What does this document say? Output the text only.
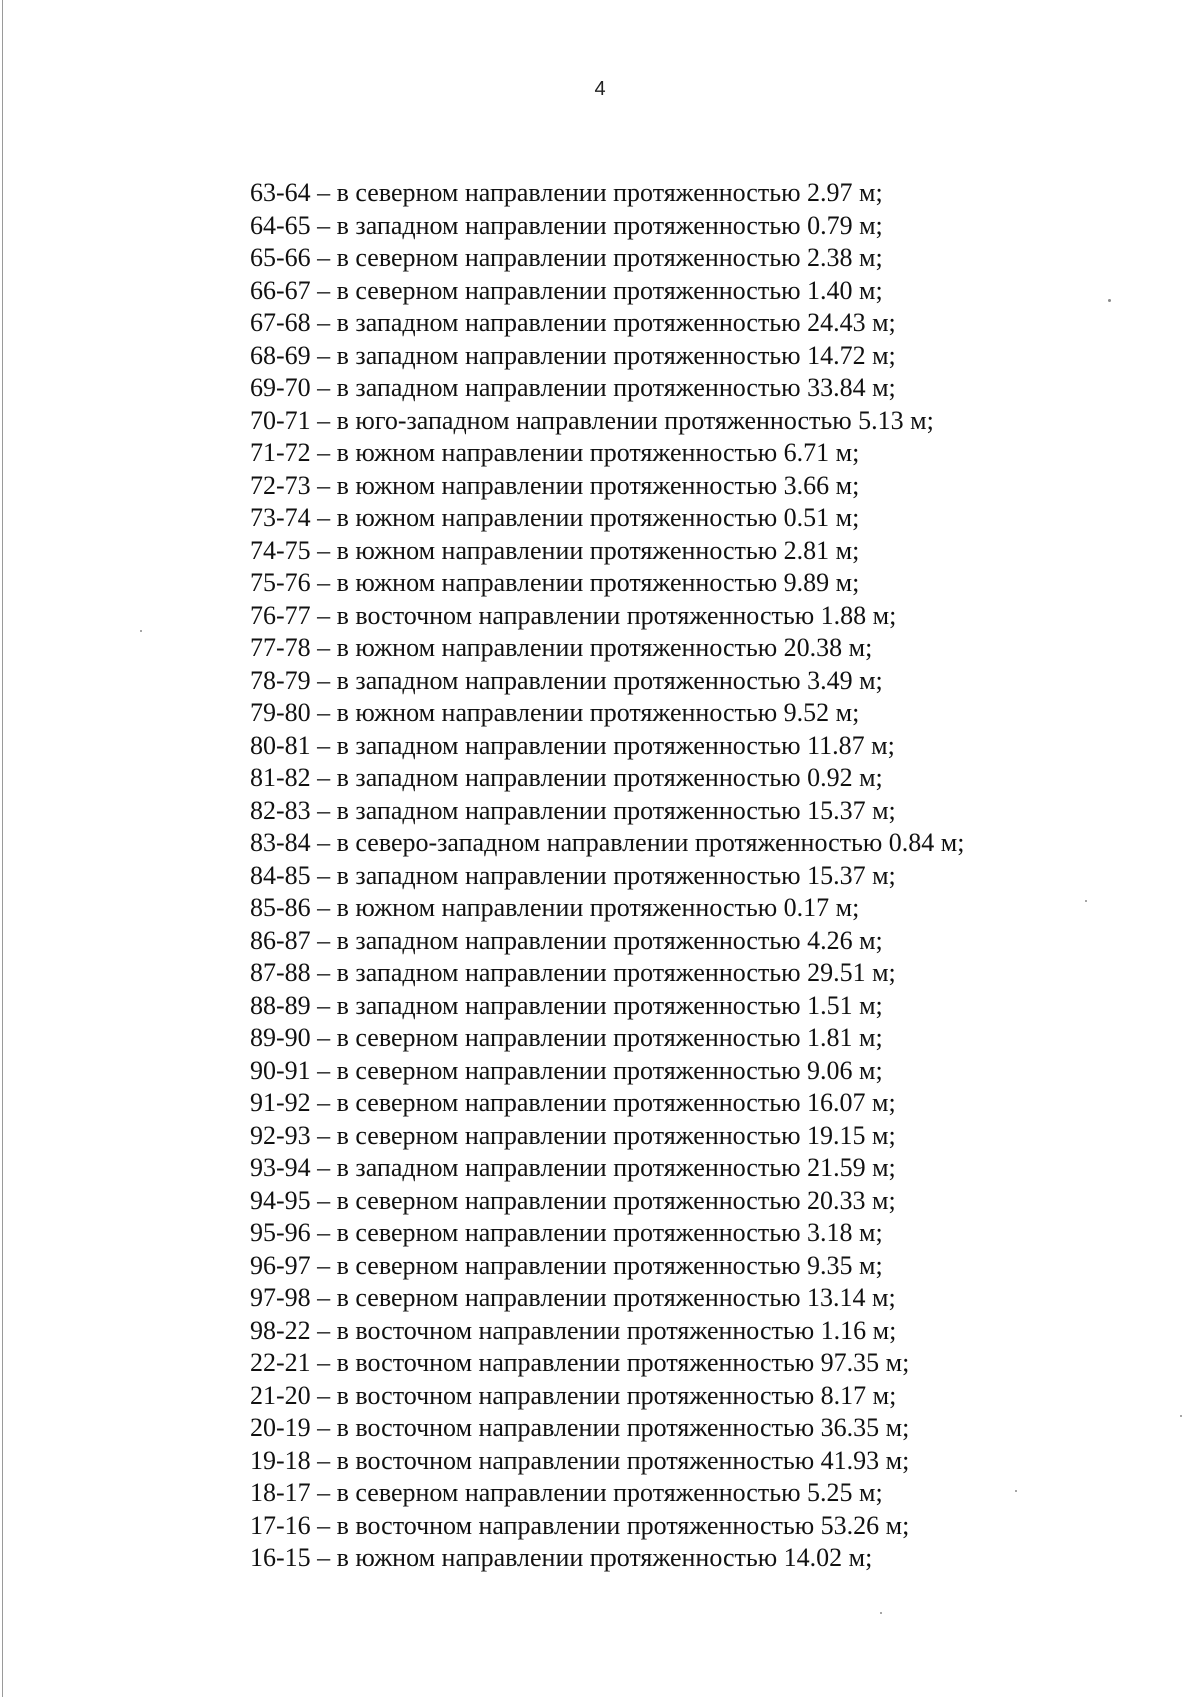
4
63-64 – в северном направлении протяженностью 2.97 м;
64-65 – в западном направлении протяженностью 0.79 м;
65-66 – в северном направлении протяженностью 2.38 м;
66-67 – в северном направлении протяженностью 1.40 м;
67-68 – в западном направлении протяженностью 24.43 м;
68-69 – в западном направлении протяженностью 14.72 м;
69-70 – в западном направлении протяженностью 33.84 м;
70-71 – в юго-западном направлении протяженностью 5.13 м;
71-72 – в южном направлении протяженностью 6.71 м;
72-73 – в южном направлении протяженностью 3.66 м;
73-74 – в южном направлении протяженностью 0.51 м;
74-75 – в южном направлении протяженностью 2.81 м;
75-76 – в южном направлении протяженностью 9.89 м;
76-77 – в восточном направлении протяженностью 1.88 м;
77-78 – в южном направлении протяженностью 20.38 м;
78-79 – в западном направлении протяженностью 3.49 м;
79-80 – в южном направлении протяженностью 9.52 м;
80-81 – в западном направлении протяженностью 11.87 м;
81-82 – в западном направлении протяженностью 0.92 м;
82-83 – в западном направлении протяженностью 15.37 м;
83-84 – в северо-западном направлении протяженностью 0.84 м;
84-85 – в западном направлении протяженностью 15.37 м;
85-86 – в южном направлении протяженностью 0.17 м;
86-87 – в западном направлении протяженностью 4.26 м;
87-88 – в западном направлении протяженностью 29.51 м;
88-89 – в западном направлении протяженностью 1.51 м;
89-90 – в северном направлении протяженностью 1.81 м;
90-91 – в северном направлении протяженностью 9.06 м;
91-92 – в северном направлении протяженностью 16.07 м;
92-93 – в северном направлении протяженностью 19.15 м;
93-94 – в западном направлении протяженностью 21.59 м;
94-95 – в северном направлении протяженностью 20.33 м;
95-96 – в северном направлении протяженностью 3.18 м;
96-97 – в северном направлении протяженностью 9.35 м;
97-98 – в северном направлении протяженностью 13.14 м;
98-22 – в восточном направлении протяженностью 1.16 м;
22-21 – в восточном направлении протяженностью 97.35 м;
21-20 – в восточном направлении протяженностью 8.17 м;
20-19 – в восточном направлении протяженностью 36.35 м;
19-18 – в восточном направлении протяженностью 41.93 м;
18-17 – в северном направлении протяженностью 5.25 м;
17-16 – в восточном направлении протяженностью 53.26 м;
16-15 – в южном направлении протяженностью 14.02 м;
